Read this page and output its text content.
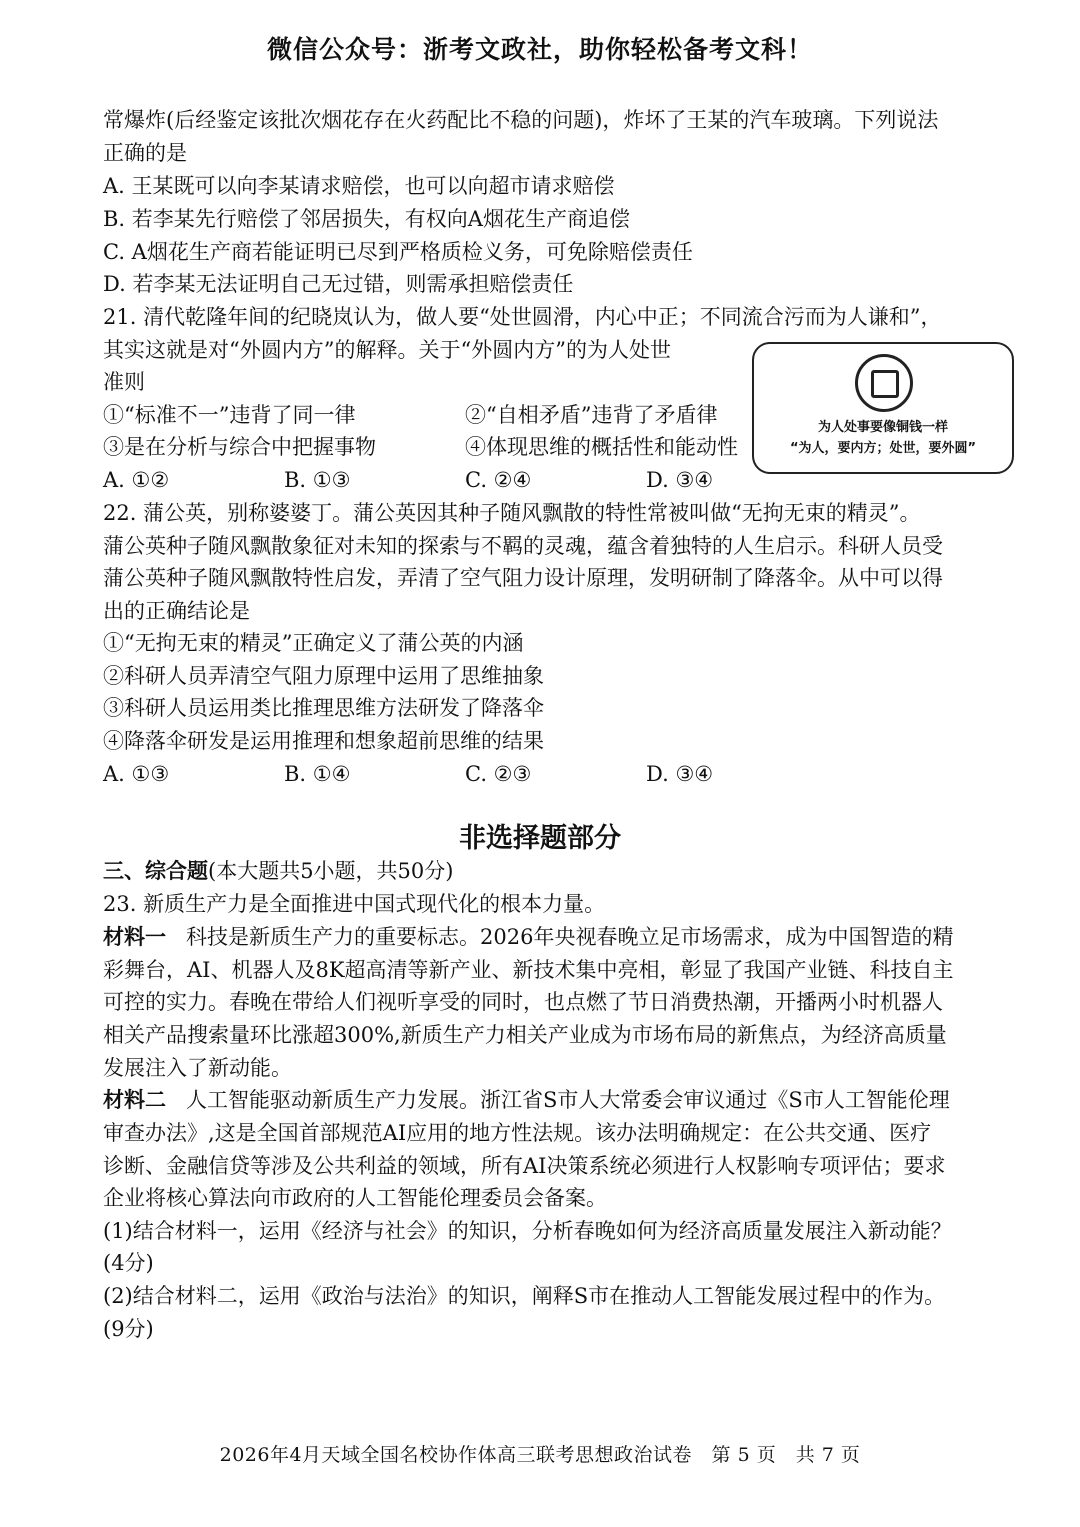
微信公众号：浙考文政社，助你轻松备考文科！
常爆炸(后经鉴定该批次烟花存在火药配比不稳的问题)，炸坏了王某的汽车玻璃。下列说法
正确的是
A. 王某既可以向李某请求赔偿，也可以向超市请求赔偿
B. 若李某先行赔偿了邻居损失，有权向A烟花生产商追偿
C. A烟花生产商若能证明已尽到严格质检义务，可免除赔偿责任
D. 若李某无法证明自己无过错，则需承担赔偿责任
21. 清代乾隆年间的纪晓岚认为，做人要“处世圆滑，内心中正；不同流合污而为人谦和”，
其实这就是对“外圆内方”的解释。关于“外圆内方”的为人处世
准则
①“标准不一”违背了同一律	②“自相矛盾”违背了矛盾律
③是在分析与综合中把握事物	④体现思维的概括性和能动性
A. ①②	B. ①③	C. ②④	D. ③④
为人处事要像铜钱一样
“为人，要内方；处世，要外圆”
22. 蒲公英，别称婆婆丁。蒲公英因其种子随风飘散的特性常被叫做“无拘无束的精灵”。
蒲公英种子随风飘散象征对未知的探索与不羁的灵魂，蕴含着独特的人生启示。科研人员受
蒲公英种子随风飘散特性启发，弄清了空气阻力设计原理，发明研制了降落伞。从中可以得
出的正确结论是
①“无拘无束的精灵”正确定义了蒲公英的内涵
②科研人员弄清空气阻力原理中运用了思维抽象
③科研人员运用类比推理思维方法研发了降落伞
④降落伞研发是运用推理和想象超前思维的结果
A. ①③	B. ①④	C. ②③	D. ③④
非选择题部分
三、综合题(本大题共5小题，共50分)
23. 新质生产力是全面推进中国式现代化的根本力量。
材料一 科技是新质生产力的重要标志。2026年央视春晚立足市场需求，成为中国智造的精
彩舞台，AI、机器人及8K超高清等新产业、新技术集中亮相，彰显了我国产业链、科技自主
可控的实力。春晚在带给人们视听享受的同时，也点燃了节日消费热潮，开播两小时机器人
相关产品搜索量环比涨超300%,新质生产力相关产业成为市场布局的新焦点，为经济高质量
发展注入了新动能。
材料二 人工智能驱动新质生产力发展。浙江省S市人大常委会审议通过《S市人工智能伦理
审查办法》,这是全国首部规范AI应用的地方性法规。该办法明确规定：在公共交通、医疗
诊断、金融信贷等涉及公共利益的领域，所有AI决策系统必须进行人权影响专项评估；要求
企业将核心算法向市政府的人工智能伦理委员会备案。
(1)结合材料一，运用《经济与社会》的知识，分析春晚如何为经济高质量发展注入新动能？
(4分)
(2)结合材料二，运用《政治与法治》的知识，阐释S市在推动人工智能发展过程中的作为。
(9分)
2026年4月天域全国名校协作体高三联考思想政治试卷　第 5 页　共 7 页
